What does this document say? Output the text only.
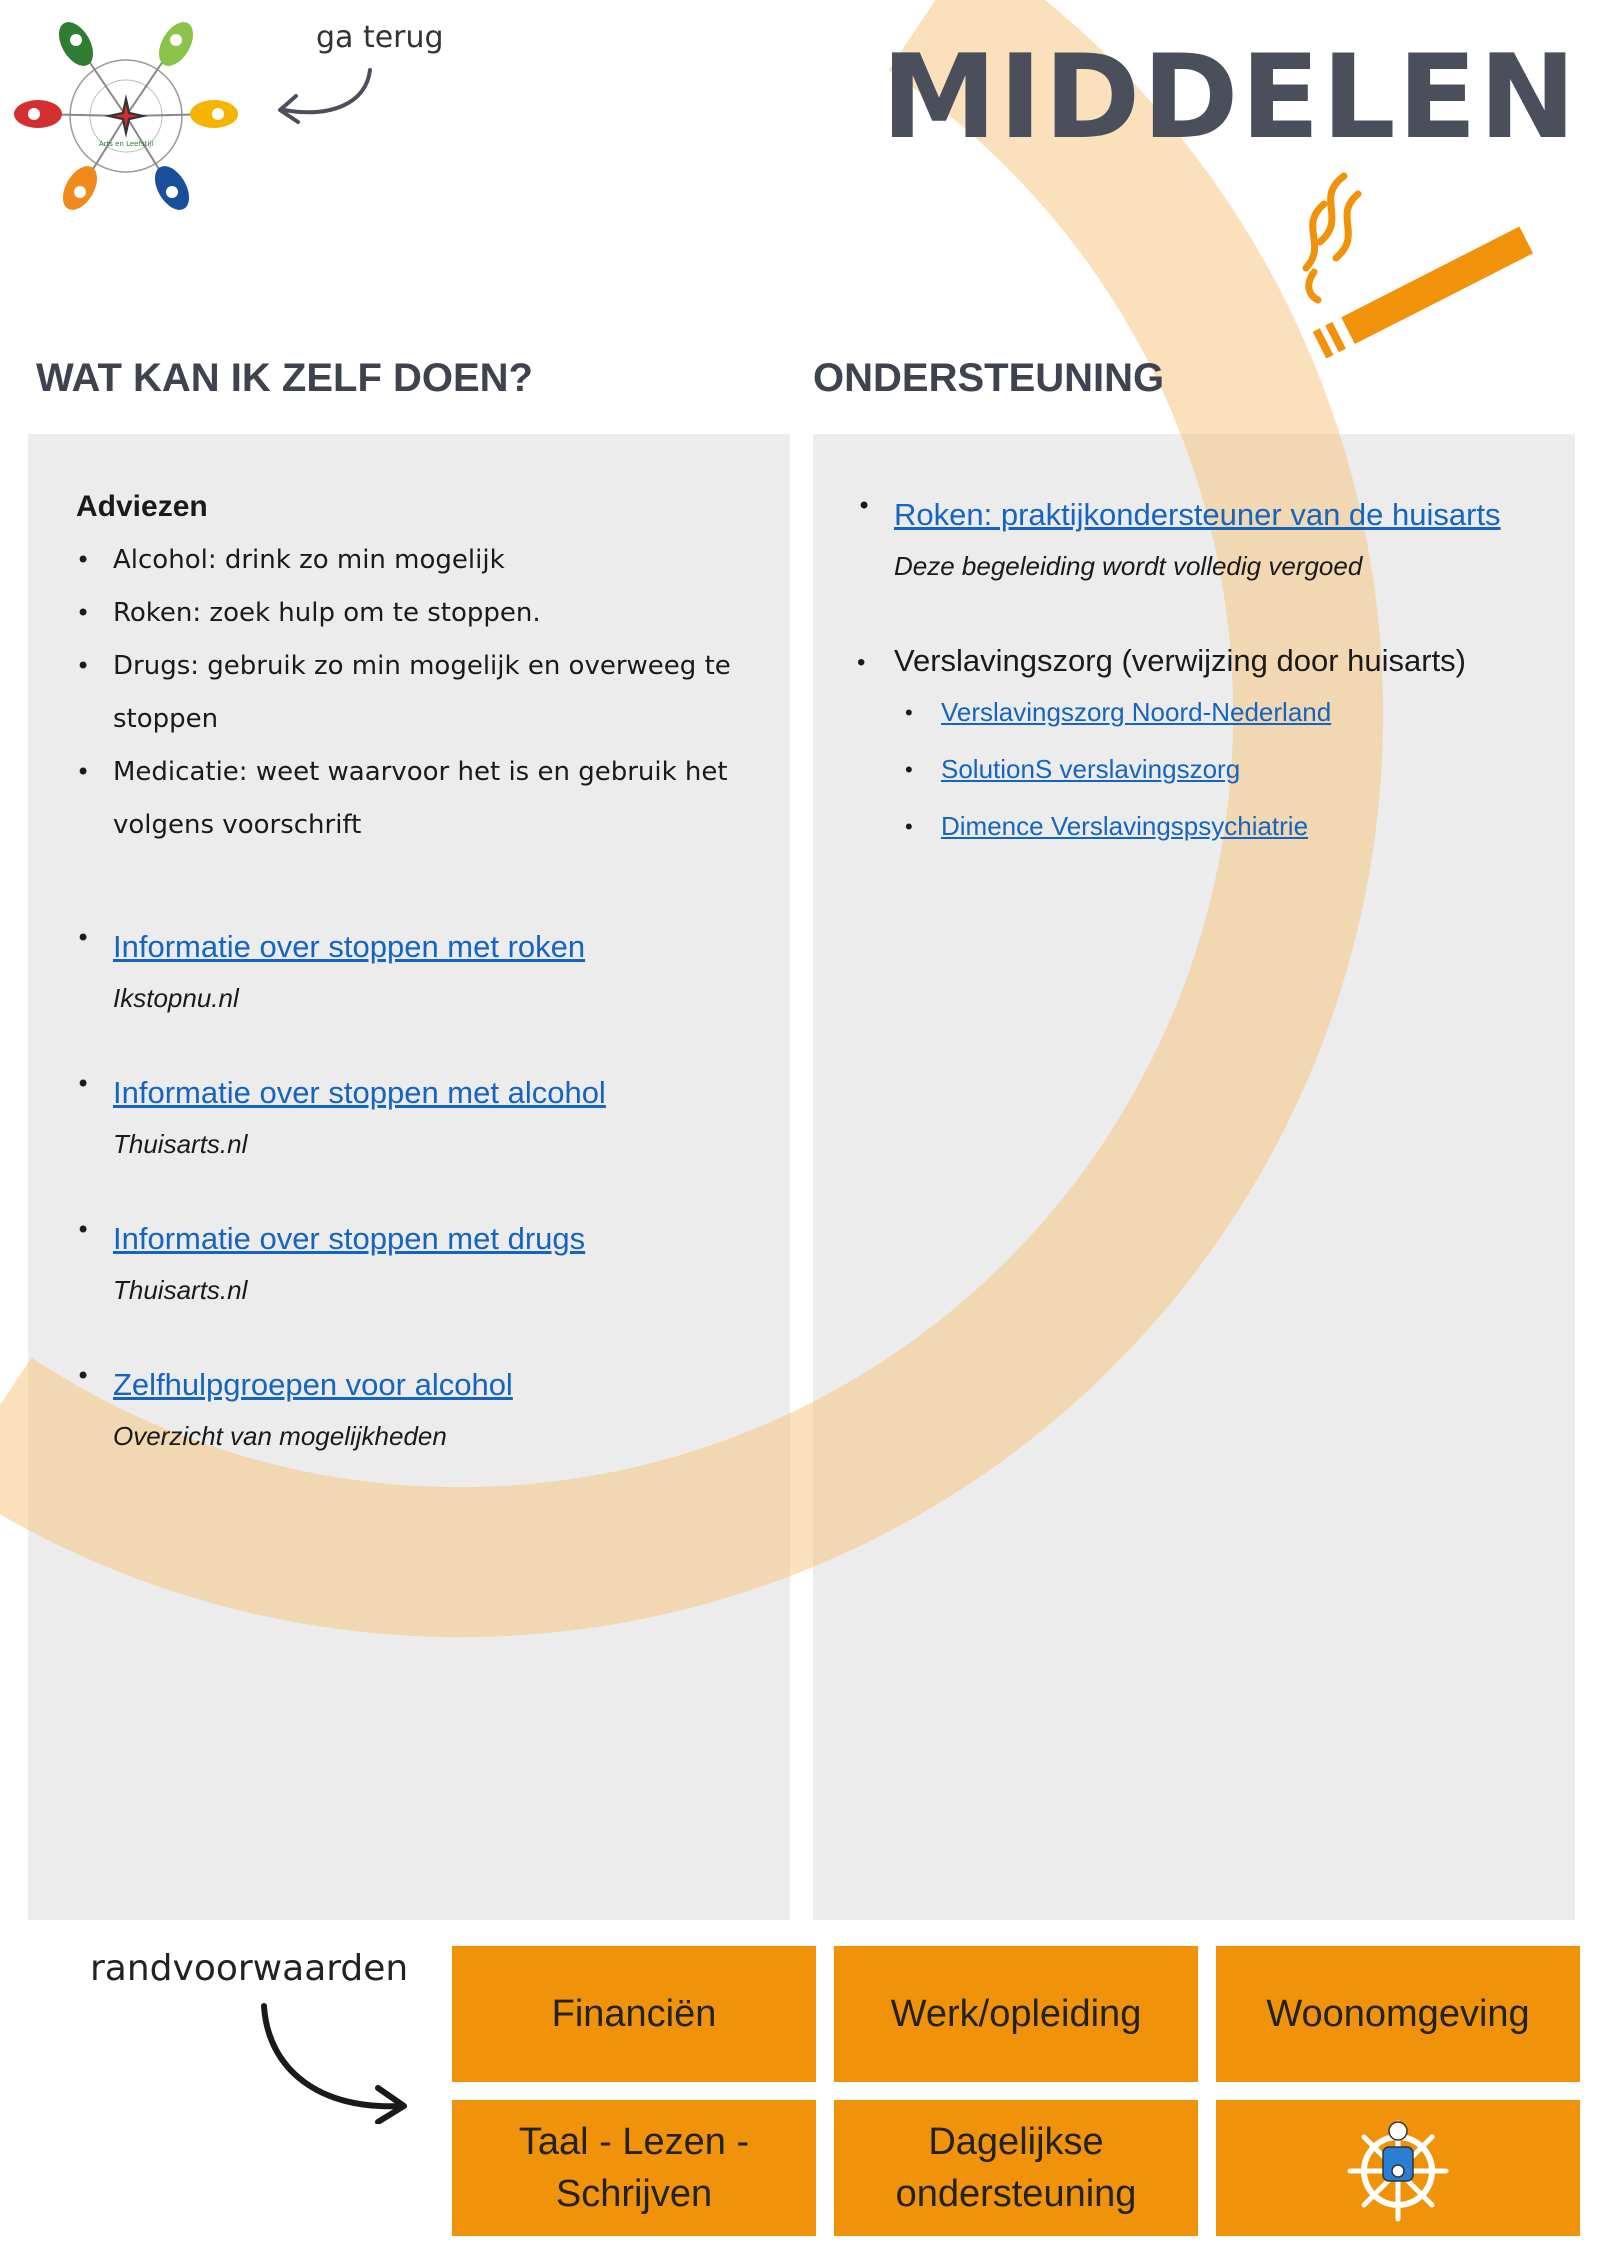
Arts en Leefstijl
ga terug	MIDDELEN
WAT KAN IK ZELF DOEN?	ONDERSTEUNING
Adviezen
• Alcohol: drink zo min mogelijk
• Roken: zoek hulp om te stoppen.
• Drugs: gebruik zo min mogelijk en overweeg te stoppen
• Medicatie: weet waarvoor het is en gebruik het volgens voorschrift
• Informatie over stoppen met roken
Ikstopnu.nl
• Informatie over stoppen met alcohol
Thuisarts.nl
• Informatie over stoppen met drugs
Thuisarts.nl
• Zelfhulpgroepen voor alcohol
Overzicht van mogelijkheden
• Roken: praktijkondersteuner van de huisarts
Deze begeleiding wordt volledig vergoed
• Verslavingszorg (verwijzing door huisarts)
• Verslavingszorg Noord-Nederland
• SolutionS verslavingszorg
• Dimence Verslavingspsychiatrie
randvoorwaarden
Financiën	Werk/opleiding	Woonomgeving
Taal - Lezen - Schrijven
Dagelijkse ondersteuning
